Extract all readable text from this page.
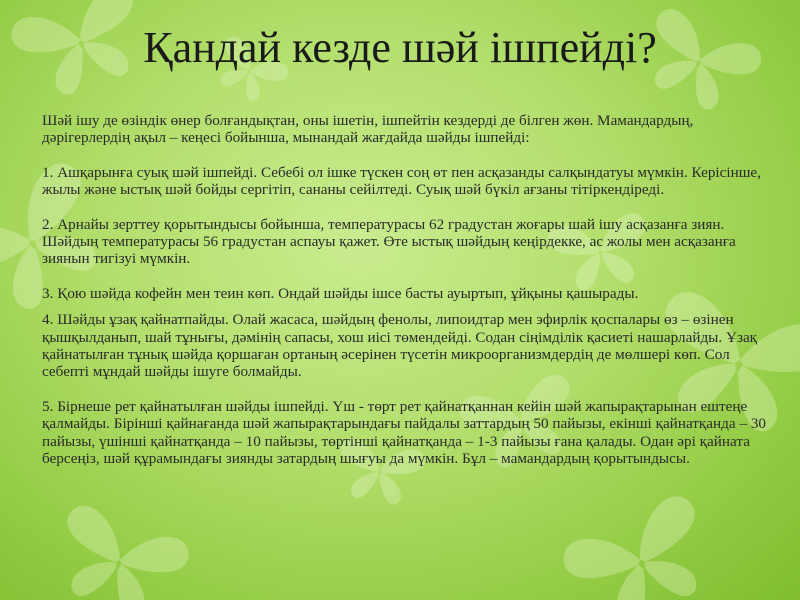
Қандай кезде шәй ішпейді?

Шәй ішу де өзіндік өнер болғандықтан, оны ішетін, ішпейтін кездерді де білген жөн. Мамандардың, дәрігерлердің ақыл – кеңесі бойынша, мынандай жағдайда шәйды ішпейді:

1. Ашқарынға суық шәй ішпейді. Себебі ол ішке түскен соң өт пен асқазанды салқындатуы мүмкін. Керісінше, жылы және ыстық шәй бойды сергітіп, сананы сейілтеді. Суық шәй бүкіл ағзаны тітіркендіреді.

2. Арнайы зерттеу қорытындысы бойынша, температурасы 62 градустан жоғары шай ішу асқазанға зиян. Шәйдың температурасы 56 градустан аспауы қажет. Өте ыстық шәйдың кеңірдекке, ас жолы мен асқазанға зиянын тигізуі мүмкін.

3. Қою шәйда кофейн мен теин көп. Ондай шәйды ішсе басты ауыртып, ұйқыны қашырады.

4. Шәйды ұзақ қайнатпайды. Олай жасаса, шәйдың фенолы, липоидтар мен эфирлік қоспалары өз – өзінен қышқылданып, шай тұнығы, дәмінің сапасы, хош иісі төмендейді. Содан сіңімділік қасиеті нашарлайды. Ұзақ қайнатылған тұнық шәйда қоршаған ортаның әсерінен түсетін микроорганизмдердің де мөлшері көп. Сол себепті мұндай шәйды ішуге болмайды.

5. Бірнеше рет қайнатылған шәйды ішпейді. Үш - төрт рет қайнатқаннан кейін шәй жапырақтарынан ештеңе қалмайды. Бірінші қайнағанда шәй жапырақтарындағы пайдалы заттардың 50 пайызы, екінші қайнатқанда – 30 пайызы, үшінші қайнатқанда – 10 пайызы, төртінші қайнатқанда – 1-3 пайызы ғана қалады. Одан әрі қайната берсеңіз, шәй құрамындағы зиянды затардың шығуы да мүмкін. Бұл – мамандардың қорытындысы.
